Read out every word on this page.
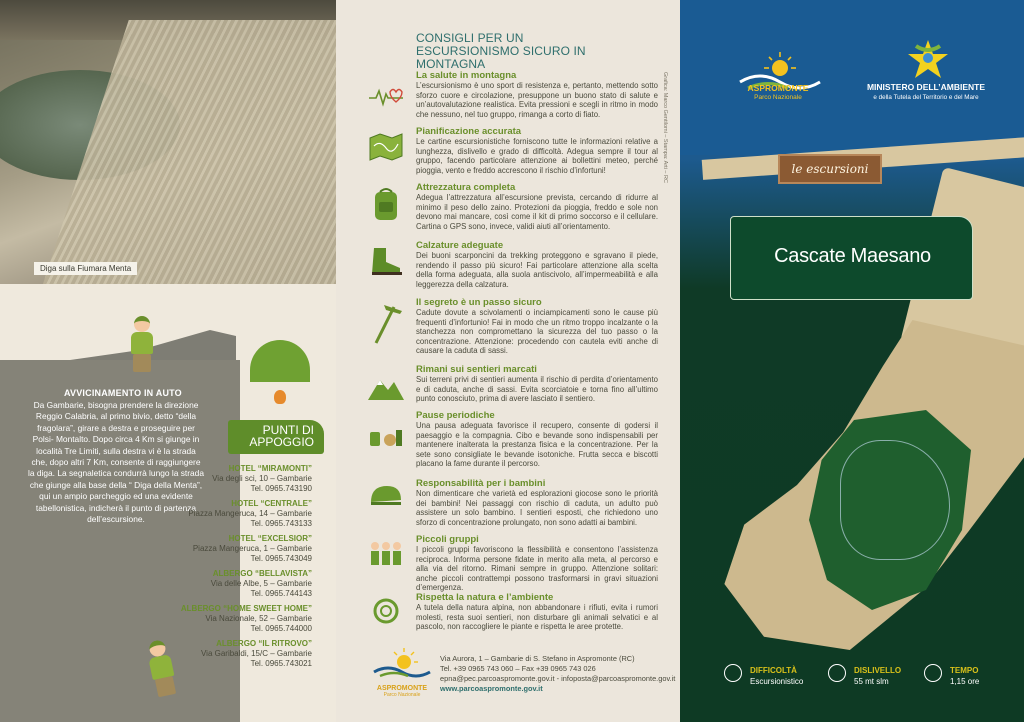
Diga sulla Fiumara Menta
AVVICINAMENTO IN AUTO

Da Gambarie, bisogna prendere la direzione Reggio Calabria, al primo bivio, detto “della fragolara”, girare a destra e proseguire per Polsi- Montalto. Dopo circa 4 Km si giunge in località Tre Limiti, sulla destra vi è la strada che, dopo altri 7 Km, consente di raggiungere la diga. La segnaletica condurrà lungo la strada che giunge alla base della “ Diga della Menta”, qui un ampio parcheggio ed una evidente tabellonistica, indicherà il punto di partenza dell’escursione.

PUNTI DI APPOGGIO
HOTEL “MIRAMONTI”
Via degli sci, 10 – Gambarie
Tel. 0965.743190
HOTEL “CENTRALE”
Piazza Mangeruca, 14 – Gambarie
Tel. 0965.743133
HOTEL “EXCELSIOR”
Piazza Mangeruca, 1 – Gambarie
Tel. 0965.743049
ALBERGO “BELLAVISTA”
Via delle Albe, 5 – Gambarie
Tel. 0965.744143
ALBERGO “HOME SWEET HOME”
Via Nazionale, 52 – Gambarie
Tel. 0965.744000
ALBERGO “IL RITROVO”
Via Garibaldi, 15/C – Gambarie
Tel. 0965.743021
CONSIGLI PER UN ESCURSIONISMO SICURO IN MONTAGNA
Grafica: Marco Gentilomi – Stampa: Arti – RC
La salute in montagna

L’escursionismo è uno sport di resistenza e, pertanto, mettendo sotto sforzo cuore e circolazione, presuppone un buono stato di salute e un’autovalutazione realistica. Evita pressioni e scegli in ritmo in modo che nessuno, nel tuo gruppo, rimanga a corto di fiato.

Pianificazione accurata

Le cartine escursionistiche forniscono tutte le informazioni relative a lunghezza, dislivello e grado di difficoltà. Adegua sempre il tour al gruppo, facendo particolare attenzione ai bollettini meteo, perché pioggia, vento e freddo accrescono il rischio d’infortuni!

Attrezzatura completa

Adegua l’attrezzatura all’escursione prevista, cercando di ridurre al minimo il peso dello zaino. Protezioni da pioggia, freddo e sole non devono mai mancare, così come il kit di primo soccorso e il cellulare. Cartina o GPS sono, invece, validi aiuti all’orientamento.

Calzature adeguate

Dei buoni scarponcini da trekking proteggono e sgravano il piede, rendendo il passo più sicuro! Fai particolare attenzione alla scelta della forma adeguata, alla suola antiscivolo, all’impermeabilità e alla leggerezza della calzatura.

Il segreto è un passo sicuro

Cadute dovute a scivolamenti o inciampicamenti sono le cause più frequenti d’infortunio! Fai in modo che un ritmo troppo incalzante o la stanchezza non compromettano la sicurezza del tuo passo o la concentrazione. Attenzione: procedendo con cautela eviti anche di causare la caduta di sassi.

Rimani sui sentieri marcati

Sui terreni privi di sentieri aumenta il rischio di perdita d’orientamento e di caduta, anche di sassi. Evita scorciatoie e torna fino all’ultimo punto conosciuto, prima di avere lasciato il sentiero.

Pause periodiche

Una pausa adeguata favorisce il recupero, consente di godersi il paesaggio e la compagnia. Cibo e bevande sono indispensabili per mantenere inalterata la prestanza fisica e la concentrazione. Per la sete sono consigliate le bevande isotoniche. Frutta secca e biscotti placano la fame durante il percorso.

Responsabilità per i bambini

Non dimenticare che varietà ed esplorazioni giocose sono le priorità dei bambini! Nei passaggi con rischio di caduta, un adulto può assistere un solo bambino. I sentieri esposti, che richiedono uno sforzo di concentrazione prolungato, non sono adatti ai bambini.

Piccoli gruppi

I piccoli gruppi favoriscono la flessibilità e consentono l’assistenza reciproca. Informa persone fidate in merito alla meta, al percorso e alla via del ritorno. Rimani sempre in gruppo. Attenzione solitari: anche piccoli contrattempi possono trasformarsi in gravi situazioni d’emergenza.

Rispetta la natura e l’ambiente

A tutela della natura alpina, non abbandonare i rifiuti, evita i rumori molesti, resta suoi sentieri, non disturbare gli animali selvatici e al pascolo, non raccogliere le piante e rispetta le aree protette.

ASPROMONTE
Parco Nazionale
Via Aurora, 1 – Gambarie di S. Stefano in Aspromonte (RC)
Tel. +39 0965 743 060 – Fax +39 0965 743 026
epna@pec.parcoaspromonte.gov.it - infoposta@parcoaspromonte.gov.it
www.parcoaspromonte.gov.it
ASPROMONTE
Parco Nazionale
MINISTERO DELL’AMBIENTE
e della Tutela del Territorio e del Mare
le escursioni
Cascate Maesano
DIFFICOLTÀ
Escursionistico
DISLIVELLO
55 mt slm
TEMPO
1,15 ore
